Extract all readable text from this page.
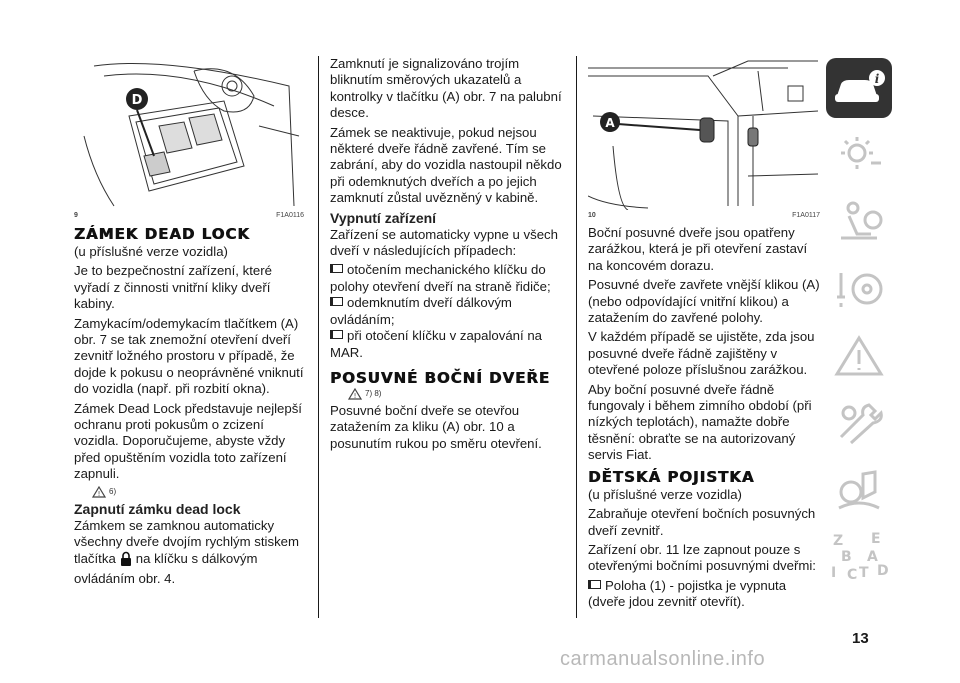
D
9	F1A0116
ZÁMEK DEAD LOCK

(u příslušné verze vozidla)

Je to bezpečnostní zařízení, které vyřadí z činnosti vnitřní kliky dveří kabiny.

Zamykacím/odemykacím tlačítkem (A) obr. 7 se tak znemožní otevření dveří zevnitř ložného prostoru v případě, že dojde k pokusu o neoprávněné vniknutí do vozidla (např. při rozbití okna).

Zámek Dead Lock představuje nejlepší ochranu proti pokusům o zcizení vozidla. Doporučujeme, abyste vždy před opuštěním vozidla toto zařízení zapnuli.

! 6)
Zapnutí zámku dead lock

Zámkem se zamknou automaticky všechny dveře dvojím rychlým stiskem tlačítka na klíčku s dálkovým ovládáním obr. 4.

Zamknutí je signalizováno trojím bliknutím směrových ukazatelů a kontrolky v tlačítku (A) obr. 7 na palubní desce.

Zámek se neaktivuje, pokud nejsou některé dveře řádně zavřené. Tím se zabrání, aby do vozidla nastoupil někdo při odemknutých dveřích a po jejich zamknutí zůstal uvězněný v kabině.

Vypnutí zařízení

Zařízení se automaticky vypne u všech dveří v následujících případech:

otočením mechanického klíčku do polohy otevření dveří na straně řidiče;
odemknutím dveří dálkovým ovládáním;
při otočení klíčku v zapalování na MAR.
POSUVNÉ BOČNÍ DVEŘE
! 7) 8)

Posuvné boční dveře se otevřou zatažením za kliku (A) obr. 10 a posunutím rukou po směru otevření.

A
10	F1A0117

Boční posuvné dveře jsou opatřeny zarážkou, která je při otevření zastaví na koncovém dorazu.

Posuvné dveře zavřete vnější klikou (A) (nebo odpovídající vnitřní klikou) a zatažením do zavřené polohy.

V každém případě se ujistěte, zda jsou posuvné dveře řádně zajištěny v otevřené poloze příslušnou zarážkou.

Aby boční posuvné dveře řádně fungovaly i během zimního období (při nízkých teplotách), namažte dobře těsnění: obraťte se na autorizovaný servis Fiat.

DĚTSKÁ POJISTKA

(u příslušné verze vozidla)

Zabraňuje otevření bočních posuvných dveří zevnitř.

Zařízení obr. 11 lze zapnout pouze s otevřenými bočními posuvnými dveřmi:

Poloha (1) - pojistka je vypnuta (dveře jdou zevnitř otevřít).
i
Z E
B A
I C T D
13
carmanualsonline.info
